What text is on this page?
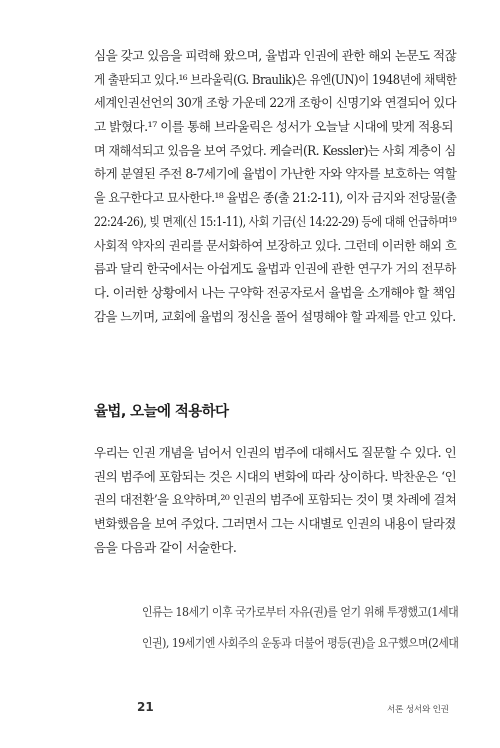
심을 갖고 있음을 피력해 왔으며, 율법과 인권에 관한 해외 논문도 적잖
게 출판되고 있다.¹⁶ 브라울릭(G. Braulik)은 유엔(UN)이 1948년에 채택한
세계인권선언의 30개 조항 가운데 22개 조항이 신명기와 연결되어 있다
고 밝혔다.¹⁷ 이를 통해 브라울릭은 성서가 오늘날 시대에 맞게 적용되
며 재해석되고 있음을 보여 주었다. 케슬러(R. Kessler)는 사회 계층이 심
하게 분열된 주전 8-7세기에 율법이 가난한 자와 약자를 보호하는 역할
을 요구한다고 묘사한다.¹⁸ 율법은 종(출 21:2-11), 이자 금지와 전당물(출
22:24-26), 빚 면제(신 15:1-11), 사회 기금(신 14:22-29) 등에 대해 언급하며¹⁹
사회적 약자의 권리를 문서화하여 보장하고 있다. 그런데 이러한 해외 흐
름과 달리 한국에서는 아쉽게도 율법과 인권에 관한 연구가 거의 전무하
다. 이러한 상황에서 나는 구약학 전공자로서 율법을 소개해야 할 책임
감을 느끼며, 교회에 율법의 정신을 풀어 설명해야 할 과제를 안고 있다.
율법, 오늘에 적용하다
우리는 인권 개념을 넘어서 인권의 범주에 대해서도 질문할 수 있다. 인
권의 범주에 포함되는 것은 시대의 변화에 따라 상이하다. 박찬운은 ‘인
권의 대전환’을 요약하며,²⁰ 인권의 범주에 포함되는 것이 몇 차례에 걸쳐
변화했음을 보여 주었다. 그러면서 그는 시대별로 인권의 내용이 달라졌
음을 다음과 같이 서술한다.
인류는 18세기 이후 국가로부터 자유(권)를 얻기 위해 투쟁했고(1세대
인권), 19세기엔 사회주의 운동과 더불어 평등(권)을 요구했으며(2세대
21	서론 성서와 인권
